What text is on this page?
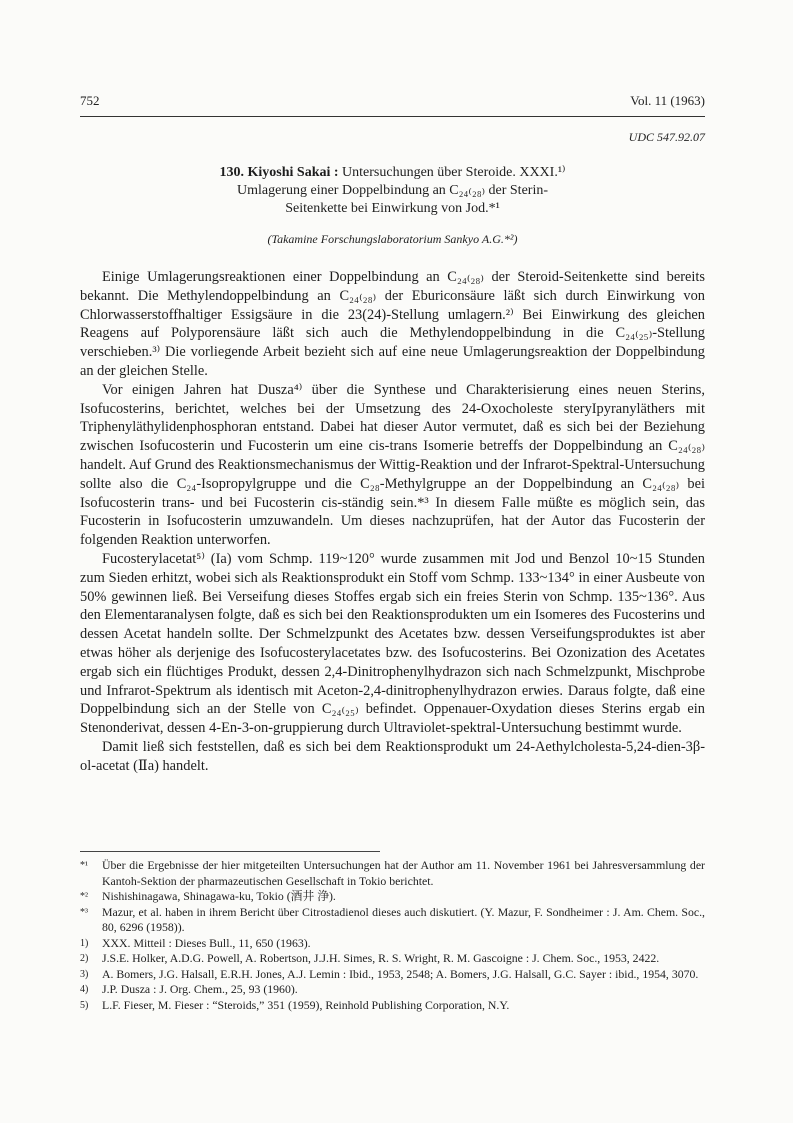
752	Vol. 11 (1963)
UDC 547.92.07
130. Kiyoshi Sakai : Untersuchungen über Steroide. XXXI.¹⁾
Umlagerung einer Doppelbindung an C₂₄₍₂₈₎ der Sterin-
Seitenkette bei Einwirkung von Jod.*¹
(Takamine Forschungslaboratorium Sankyo A.G.*²)

Einige Umlagerungsreaktionen einer Doppelbindung an C₂₄₍₂₈₎ der Steroid-Seitenkette sind bereits bekannt. Die Methylendoppelbindung an C₂₄₍₂₈₎ der Eburiconsäure läßt sich durch Einwirkung von Chlorwasserstoffhaltiger Essigsäure in die 23(24)-Stellung umlagern.²⁾ Bei Einwirkung des gleichen Reagens auf Polyporensäure läßt sich auch die Methylendoppelbindung in die C₂₄₍₂₅₎-Stellung verschieben.³⁾ Die vorliegende Arbeit bezieht sich auf eine neue Umlagerungsreaktion der Doppelbindung an der gleichen Stelle.

Vor einigen Jahren hat Dusza⁴⁾ über die Synthese und Charakterisierung eines neuen Sterins, Isofucosterins, berichtet, welches bei der Umsetzung des 24-Oxocholeste steryIpyranyläthers mit Triphenyläthylidenphosphoran entstand. Dabei hat dieser Autor vermutet, daß es sich bei der Beziehung zwischen Isofucosterin und Fucosterin um eine cis-trans Isomerie betreffs der Doppelbindung an C₂₄₍₂₈₎ handelt. Auf Grund des Reaktionsmechanismus der Wittig-Reaktion und der Infrarot-Spektral-Untersuchung sollte also die C₂₄-Isopropylgruppe und die C₂₈-Methylgruppe an der Doppelbindung an C₂₄₍₂₈₎ bei Isofucosterin trans- und bei Fucosterin cis-ständig sein.*³ In diesem Falle müßte es möglich sein, das Fucosterin in Isofucosterin umzuwandeln. Um dieses nachzuprüfen, hat der Autor das Fucosterin der folgenden Reaktion unterworfen.

Fucosterylacetat⁵⁾ (Ia) vom Schmp. 119~120° wurde zusammen mit Jod und Benzol 10~15 Stunden zum Sieden erhitzt, wobei sich als Reaktionsprodukt ein Stoff vom Schmp. 133~134° in einer Ausbeute von 50% gewinnen ließ. Bei Verseifung dieses Stoffes ergab sich ein freies Sterin von Schmp. 135~136°. Aus den Elementaranalysen folgte, daß es sich bei den Reaktionsprodukten um ein Isomeres des Fucosterins und dessen Acetat handeln sollte. Der Schmelzpunkt des Acetates bzw. dessen Verseifungsproduktes ist aber etwas höher als derjenige des Isofucosterylacetates bzw. des Isofucosterins. Bei Ozonization des Acetates ergab sich ein flüchtiges Produkt, dessen 2,4-Dinitrophenylhydrazon sich nach Schmelzpunkt, Mischprobe und Infrarot-Spektrum als identisch mit Aceton-2,4-dinitrophenylhydrazon erwies. Daraus folgte, daß eine Doppelbindung sich an der Stelle von C₂₄₍₂₅₎ befindet. Oppenauer-Oxydation dieses Sterins ergab ein Stenonderivat, dessen 4-En-3-on-gruppierung durch Ultraviolet-spektral-Untersuchung bestimmt wurde.

Damit ließ sich feststellen, daß es sich bei dem Reaktionsprodukt um 24-Aethylcholesta-5,24-dien-3β-ol-acetat (Ⅱa) handelt.

*¹	Über die Ergebnisse der hier mitgeteilten Untersuchungen hat der Author am 11. November 1961 bei Jahresversammlung der Kantoh-Sektion der pharmazeutischen Gesellschaft in Tokio berichtet.
*²	Nishishinagawa, Shinagawa-ku, Tokio (酒井 浄).
*³	Mazur, et al. haben in ihrem Bericht über Citrostadienol dieses auch diskutiert. (Y. Mazur, F. Sondheimer : J. Am. Chem. Soc., 80, 6296 (1958)).
1)	XXX. Mitteil : Dieses Bull., 11, 650 (1963).
2)	J.S.E. Holker, A.D.G. Powell, A. Robertson, J.J.H. Simes, R. S. Wright, R. M. Gascoigne : J. Chem. Soc., 1953, 2422.
3)	A. Bomers, J.G. Halsall, E.R.H. Jones, A.J. Lemin : Ibid., 1953, 2548; A. Bomers, J.G. Halsall, G.C. Sayer : ibid., 1954, 3070.
4)	J.P. Dusza : J. Org. Chem., 25, 93 (1960).
5)	L.F. Fieser, M. Fieser : “Steroids,” 351 (1959), Reinhold Publishing Corporation, N.Y.
